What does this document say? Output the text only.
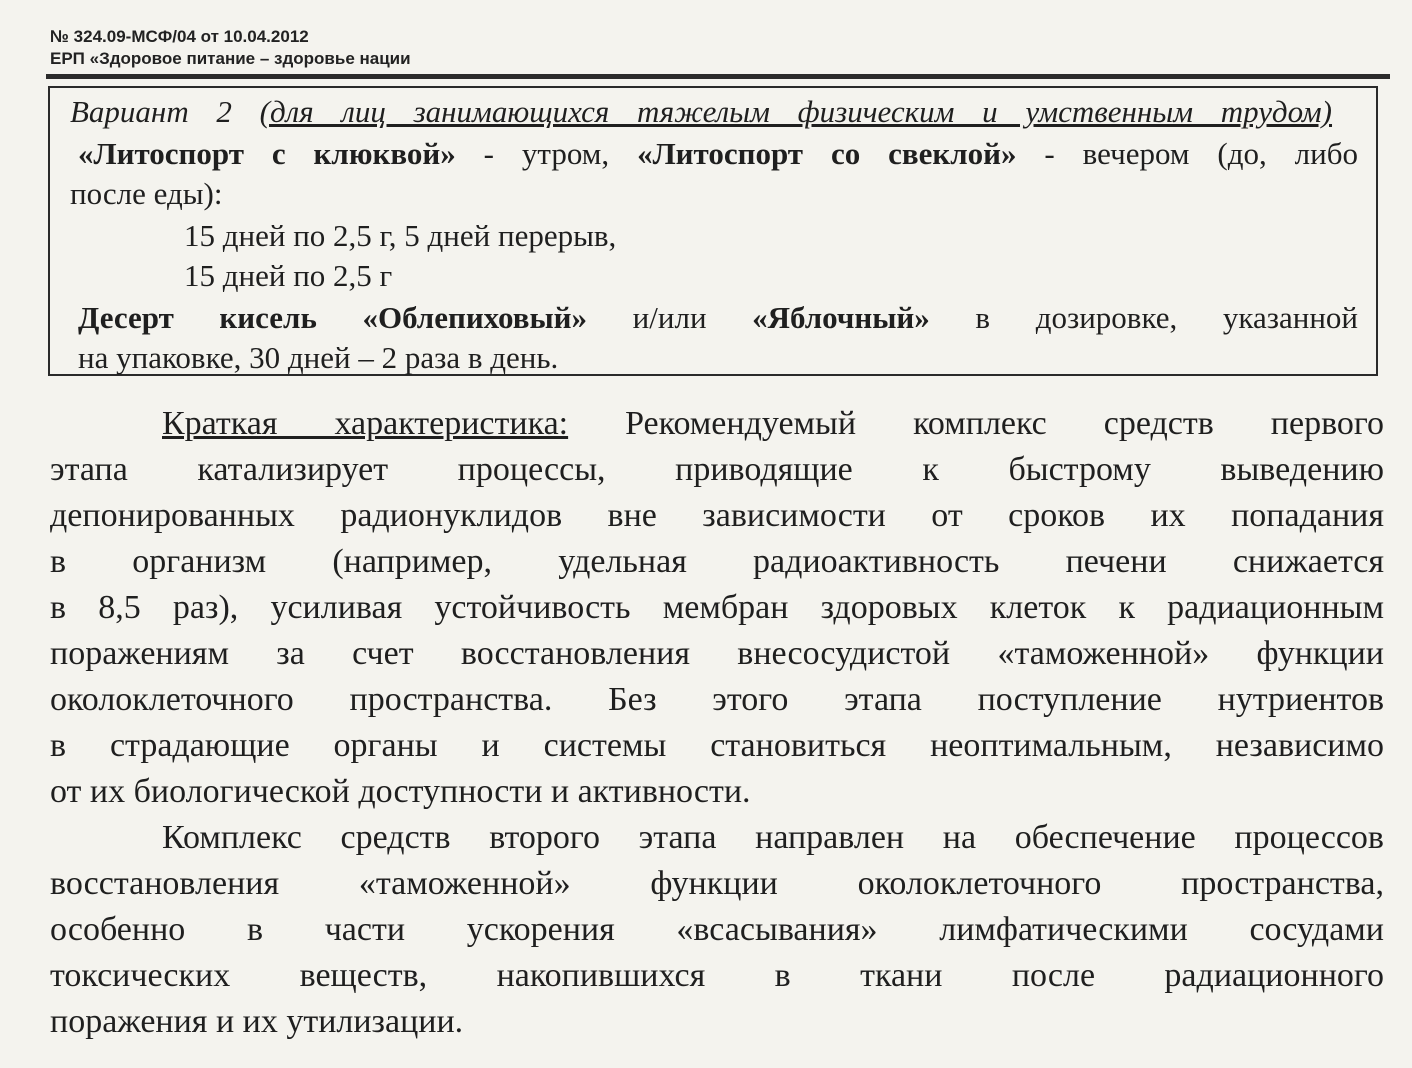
№ 324.09-МСФ/04 от 10.04.2012
ЕРП «Здоровое питание – здоровье нации
Вариант 2 (для лиц занимающихся тяжелым физическим и умственным трудом)
«Литоспорт с клюквой» - утром, «Литоспорт со свеклой» - вечером (до, либо
после еды):
15 дней по 2,5 г, 5 дней перерыв,
15 дней по 2,5 г
Десерт кисель «Облепиховый» и/или «Яблочный» в дозировке, указанной
на упаковке, 30 дней – 2 раза в день.
Краткая характеристика: Рекомендуемый комплекс средств первого
этапа катализирует процессы, приводящие к быстрому выведению
депонированных радионуклидов вне зависимости от сроков их попадания
в организм (например, удельная радиоактивность печени снижается
в 8,5 раз), усиливая устойчивость мембран здоровых клеток к радиационным
поражениям за счет восстановления внесосудистой «таможенной» функции
околоклеточного пространства. Без этого этапа поступление нутриентов
в страдающие органы и системы становиться неоптимальным, независимо
от их биологической доступности и активности.
Комплекс средств второго этапа направлен на обеспечение процессов
восстановления «таможенной» функции околоклеточного пространства,
особенно в части ускорения «всасывания» лимфатическими сосудами
токсических веществ, накопившихся в ткани после радиационного
поражения и их утилизации.
